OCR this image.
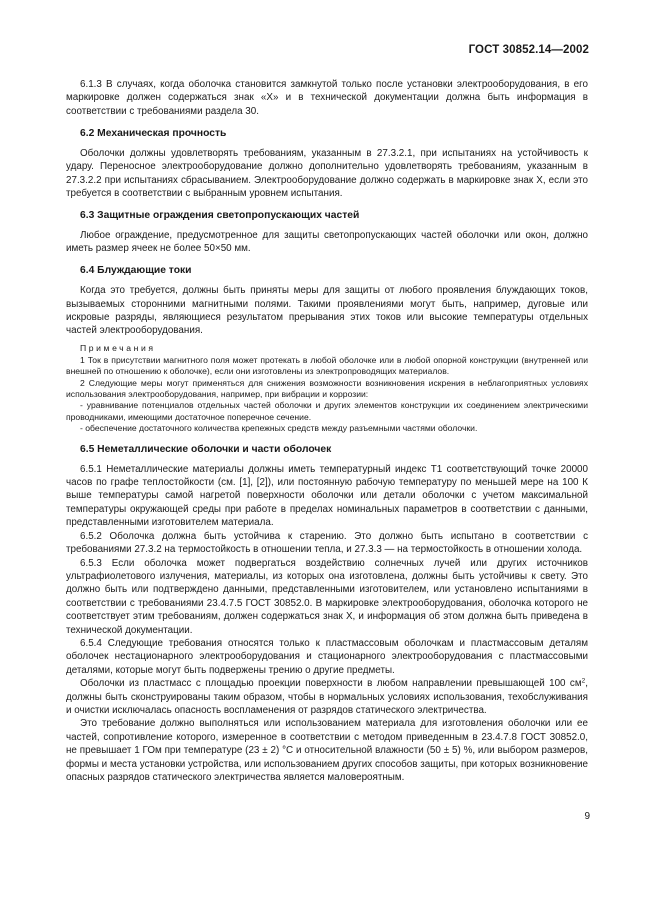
ГОСТ 30852.14—2002

6.1.3 В случаях, когда оболочка становится замкнутой только после установки электрооборудования, в его маркировке должен содержаться знак «X» и в технической документации должна быть информация в соответствии с требованиями раздела 30.

6.2 Механическая прочность

Оболочки должны удовлетворять требованиям, указанным в 27.3.2.1, при испытаниях на устойчивость к удару. Переносное электрооборудование должно дополнительно удовлетворять требованиям, указанным в 27.3.2.2 при испытаниях сбрасыванием. Электрооборудование должно содержать в маркировке знак X, если это требуется в соответствии с выбранным уровнем испытания.

6.3 Защитные ограждения светопропускающих частей

Любое ограждение, предусмотренное для защиты светопропускающих частей оболочки или окон, должно иметь размер ячеек не более 50×50 мм.

6.4 Блуждающие токи

Когда это требуется, должны быть приняты меры для защиты от любого проявления блуждающих токов, вызываемых сторонними магнитными полями. Такими проявлениями могут быть, например, дуговые или искровые разряды, являющиеся результатом прерывания этих токов или высокие температуры отдельных частей электрооборудования.

Примечания

1 Ток в присутствии магнитного поля может протекать в любой оболочке или в любой опорной конструкции (внутренней или внешней по отношению к оболочке), если они изготовлены из электропроводящих материалов.

2 Следующие меры могут применяться для снижения возможности возникновения искрения в неблагоприятных условиях использования электрооборудования, например, при вибрации и коррозии:

- уравнивание потенциалов отдельных частей оболочки и других элементов конструкции их соединением электрическими проводниками, имеющими достаточное поперечное сечение.

- обеспечение достаточного количества крепежных средств между разъемными частями оболочки.

6.5 Неметаллические оболочки и части оболочек

6.5.1 Неметаллические материалы должны иметь температурный индекс T1 соответствующий точке 20000 часов по графе теплостойкости (см. [1], [2]), или постоянную рабочую температуру по меньшей мере на 100 К выше температуры самой нагретой поверхности оболочки или детали оболочки с учетом максимальной температуры окружающей среды при работе в пределах номинальных параметров в соответствии с данными, представленными изготовителем материала.

6.5.2 Оболочка должна быть устойчива к старению. Это должно быть испытано в соответствии с требованиями 27.3.2 на термостойкость в отношении тепла, и 27.3.3 — на термостойкость в отношении холода.

6.5.3 Если оболочка может подвергаться воздействию солнечных лучей или других источников ультрафиолетового излучения, материалы, из которых она изготовлена, должны быть устойчивы к свету. Это должно быть или подтверждено данными, представленными изготовителем, или установлено испытаниями в соответствии с требованиями 23.4.7.5 ГОСТ 30852.0. В маркировке электрооборудования, оболочка которого не соответствует этим требованиям, должен содержаться знак X, и информация об этом должна быть приведена в технической документации.

6.5.4 Следующие требования относятся только к пластмассовым оболочкам и пластмассовым деталям оболочек нестационарного электрооборудования и стационарного электрооборудования с пластмассовыми деталями, которые могут быть подвержены трению о другие предметы.

Оболочки из пластмасс с площадью проекции поверхности в любом направлении превышающей 100 $см^2$, должны быть сконструированы таким образом, чтобы в нормальных условиях использования, техобслуживания и очистки исключалась опасность воспламенения от разрядов статического электричества.

Это требование должно выполняться или использованием материала для изготовления оболочки или ее частей, сопротивление которого, измеренное в соответствии с методом приведенным в 23.4.7.8 ГОСТ 30852.0, не превышает 1 ГОм при температуре (23 ± 2) °C и относительной влажности (50 ± 5) %, или выбором размеров, формы и места установки устройства, или использованием других способов защиты, при которых возникновение опасных разрядов статического электричества является маловероятным.

9
